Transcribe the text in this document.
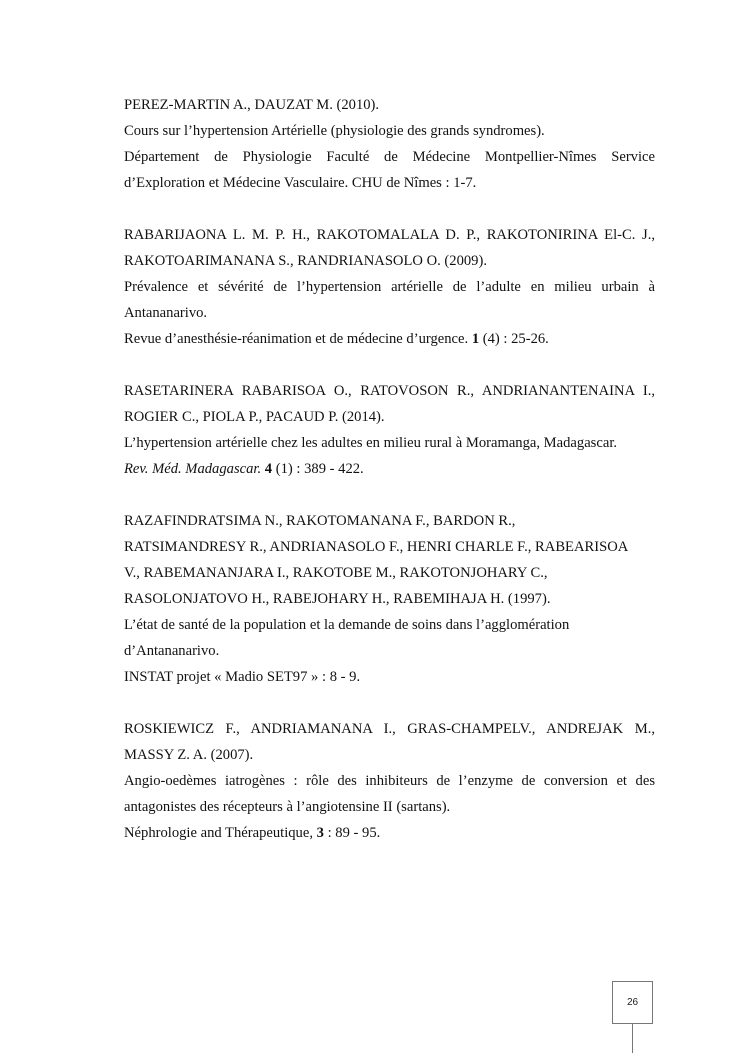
PEREZ-MARTIN A., DAUZAT M. (2010).
Cours sur l’hypertension Artérielle (physiologie des grands syndromes).
Département de Physiologie Faculté de Médecine Montpellier-Nîmes Service
d’Exploration et Médecine Vasculaire. CHU de Nîmes : 1-7.
RABARIJAONA L. M. P. H., RAKOTOMALALA D. P., RAKOTONIRINA El-C. J.,
RAKOTOARIMANANA S., RANDRIANASOLO O. (2009).
Prévalence et sévérité de l’hypertension artérielle de l’adulte en milieu urbain à
Antananarivo.
Revue d’anesthésie-réanimation et de médecine d’urgence. 1 (4) : 25-26.
RASETARINERA RABARISOA O., RATOVOSON R., ANDRIANANTENAINA I.,
ROGIER C., PIOLA P., PACAUD P. (2014).
L’hypertension artérielle chez les adultes en milieu rural à Moramanga, Madagascar.
Rev. Méd. Madagascar. 4 (1) : 389 - 422.
RAZAFINDRATSIMA N., RAKOTOMANANA F., BARDON R.,
RATSIMANDRESY R., ANDRIANASOLO F., HENRI CHARLE F., RABEARISOA
V., RABEMANANJARA I., RAKOTOBE M., RAKOTONJOHARY C.,
RASOLONJATOVO H., RABEJOHARY H., RABEMIHAJA H. (1997).
L’état de santé de la population et la demande de soins dans l’agglomération
d’Antananarivo.
INSTAT projet « Madio SET97 » : 8 - 9.
ROSKIEWICZ F., ANDRIAMANANA I., GRAS-CHAMPELV., ANDREJAK M.,
MASSY Z. A. (2007).
Angio-oedèmes iatrogènes : rôle des inhibiteurs de l’enzyme de conversion et des
antagonistes des récepteurs à l’angiotensine II (sartans).
Néphrologie and Thérapeutique, 3 : 89 - 95.
26
